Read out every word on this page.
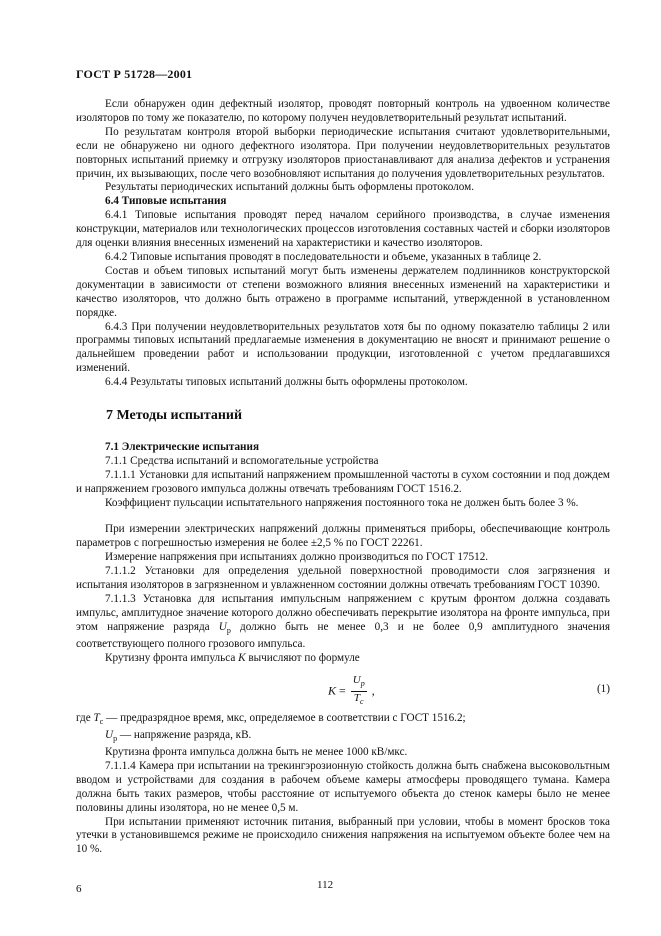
ГОСТ Р 51728—2001

Если обнаружен один дефектный изолятор, проводят повторный контроль на удвоенном количестве изоляторов по тому же показателю, по которому получен неудовлетворительный результат испытаний.

По результатам контроля второй выборки периодические испытания считают удовлетворительными, если не обнаружено ни одного дефектного изолятора. При получении неудовлетворительных результатов повторных испытаний приемку и отгрузку изоляторов приостанавливают для анализа дефектов и устранения причин, их вызывающих, после чего возобновляют испытания до получения удовлетворительных результатов.

Результаты периодических испытаний должны быть оформлены протоколом.

6.4 Типовые испытания

6.4.1 Типовые испытания проводят перед началом серийного производства, в случае изменения конструкции, материалов или технологических процессов изготовления составных частей и сборки изоляторов для оценки влияния внесенных изменений на характеристики и качество изоляторов.

6.4.2 Типовые испытания проводят в последовательности и объеме, указанных в таблице 2.

Состав и объем типовых испытаний могут быть изменены держателем подлинников конструкторской документации в зависимости от степени возможного влияния внесенных изменений на характеристики и качество изоляторов, что должно быть отражено в программе испытаний, утвержденной в установленном порядке.

6.4.3 При получении неудовлетворительных результатов хотя бы по одному показателю таблицы 2 или программы типовых испытаний предлагаемые изменения в документацию не вносят и принимают решение о дальнейшем проведении работ и использовании продукции, изготовленной с учетом предлагавшихся изменений.

6.4.4 Результаты типовых испытаний должны быть оформлены протоколом.

7 Методы испытаний

7.1 Электрические испытания

7.1.1 Средства испытаний и вспомогательные устройства

7.1.1.1 Установки для испытаний напряжением промышленной частоты в сухом состоянии и под дождем и напряжением грозового импульса должны отвечать требованиям ГОСТ 1516.2.

Коэффициент пульсации испытательного напряжения постоянного тока не должен быть более 3 %.

При измерении электрических напряжений должны применяться приборы, обеспечивающие контроль параметров с погрешностью измерения не более ±2,5 % по ГОСТ 22261.

Измерение напряжения при испытаниях должно производиться по ГОСТ 17512.

7.1.1.2 Установки для определения удельной поверхностной проводимости слоя загрязнения и испытания изоляторов в загрязненном и увлажненном состоянии должны отвечать требованиям ГОСТ 10390.

7.1.1.3 Установка для испытания импульсным напряжением с крутым фронтом должна создавать импульс, амплитудное значение которого должно обеспечивать перекрытие изолятора на фронте импульса, при этом напряжение разряда $U_р$ должно быть не менее 0,3 и не более 0,9 амплитудного значения соответствующего полного грозового импульса.

Крутизну фронта импульса K вычисляют по формуле

$K = \frac{U_р}{T_с}$ ,	(1)

где $T_с$ — предразрядное время, мкс, определяемое в соответствии с ГОСТ 1516.2;

$U_р$ — напряжение разряда, кВ.

Крутизна фронта импульса должна быть не менее 1000 кВ/мкс.

7.1.1.4 Камера при испытании на трекингэрозионную стойкость должна быть снабжена высоковольтным вводом и устройствами для создания в рабочем объеме камеры атмосферы проводящего тумана. Камера должна быть таких размеров, чтобы расстояние от испытуемого объекта до стенок камеры было не менее половины длины изолятора, но не менее 0,5 м.

При испытании применяют источник питания, выбранный при условии, чтобы в момент бросков тока утечки в установившемся режиме не происходило снижения напряжения на испытуемом объекте более чем на 10 %.

6	112
